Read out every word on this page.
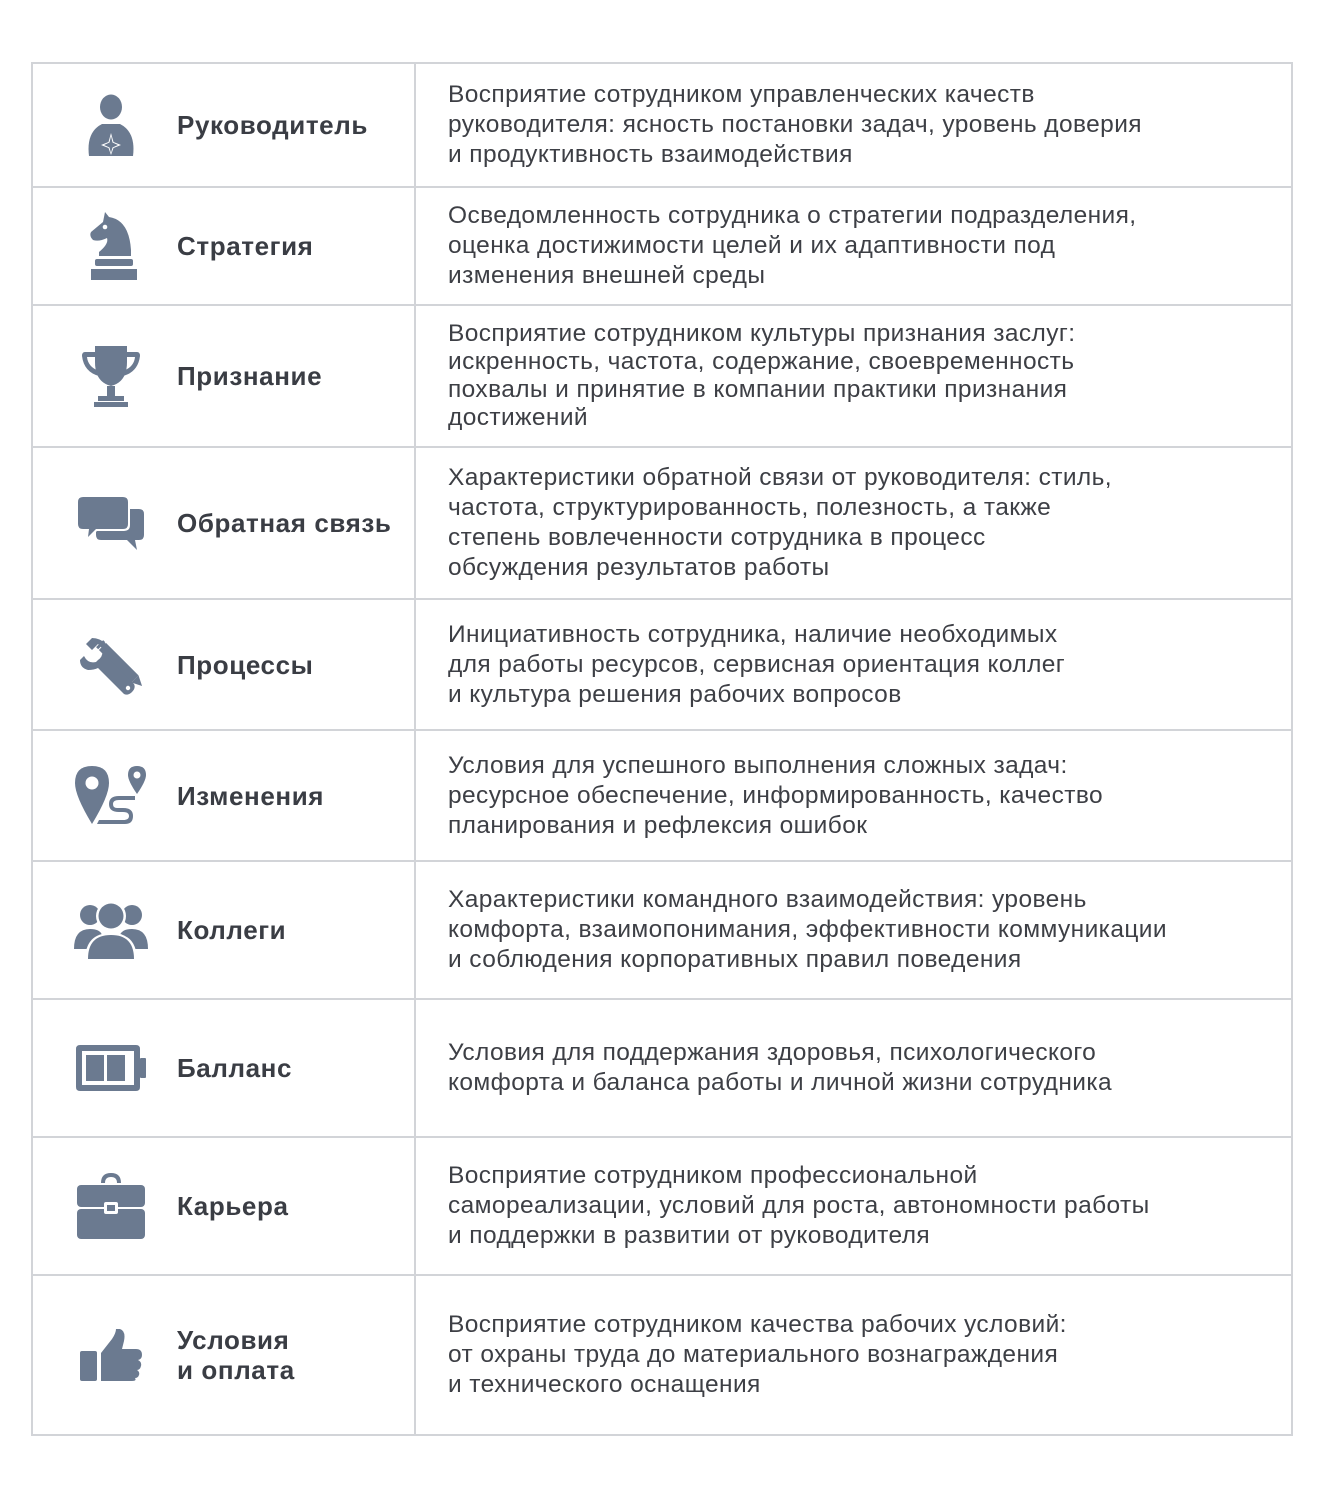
Руководитель	Восприятие сотрудником управленческих качеств
руководителя: ясность постановки задач, уровень доверия
и продуктивность взаимодействия

Стратегия	Осведомленность сотрудника о стратегии подразделения,
оценка достижимости целей и их адаптивности под
изменения внешней среды

Признание	Восприятие сотрудником культуры признания заслуг:
искренность, частота, содержание, своевременность
похвалы и принятие в компании практики признания
достижений

Обратная связь	Характеристики обратной связи от руководителя: стиль,
частота, структурированность, полезность, а также
степень вовлеченности сотрудника в процесс
обсуждения результатов работы

Процессы	Инициативность сотрудника, наличие необходимых
для работы ресурсов, сервисная ориентация коллег
и культура решения рабочих вопросов

Изменения	Условия для успешного выполнения сложных задач:
ресурсное обеспечение, информированность, качество
планирования и рефлексия ошибок

Коллеги	Характеристики командного взаимодействия: уровень
комфорта, взаимопонимания, эффективности коммуникации
и соблюдения корпоративных правил поведения

Балланс	Условия для поддержания здоровья, психологического
комфорта и баланса работы и личной жизни сотрудника

Карьера	Восприятие сотрудником профессиональной
самореализации, условий для роста, автономности работы
и поддержки в развитии от руководителя

Условия
и оплата	Восприятие сотрудником качества рабочих условий:
от охраны труда до материального вознаграждения
и технического оснащения
